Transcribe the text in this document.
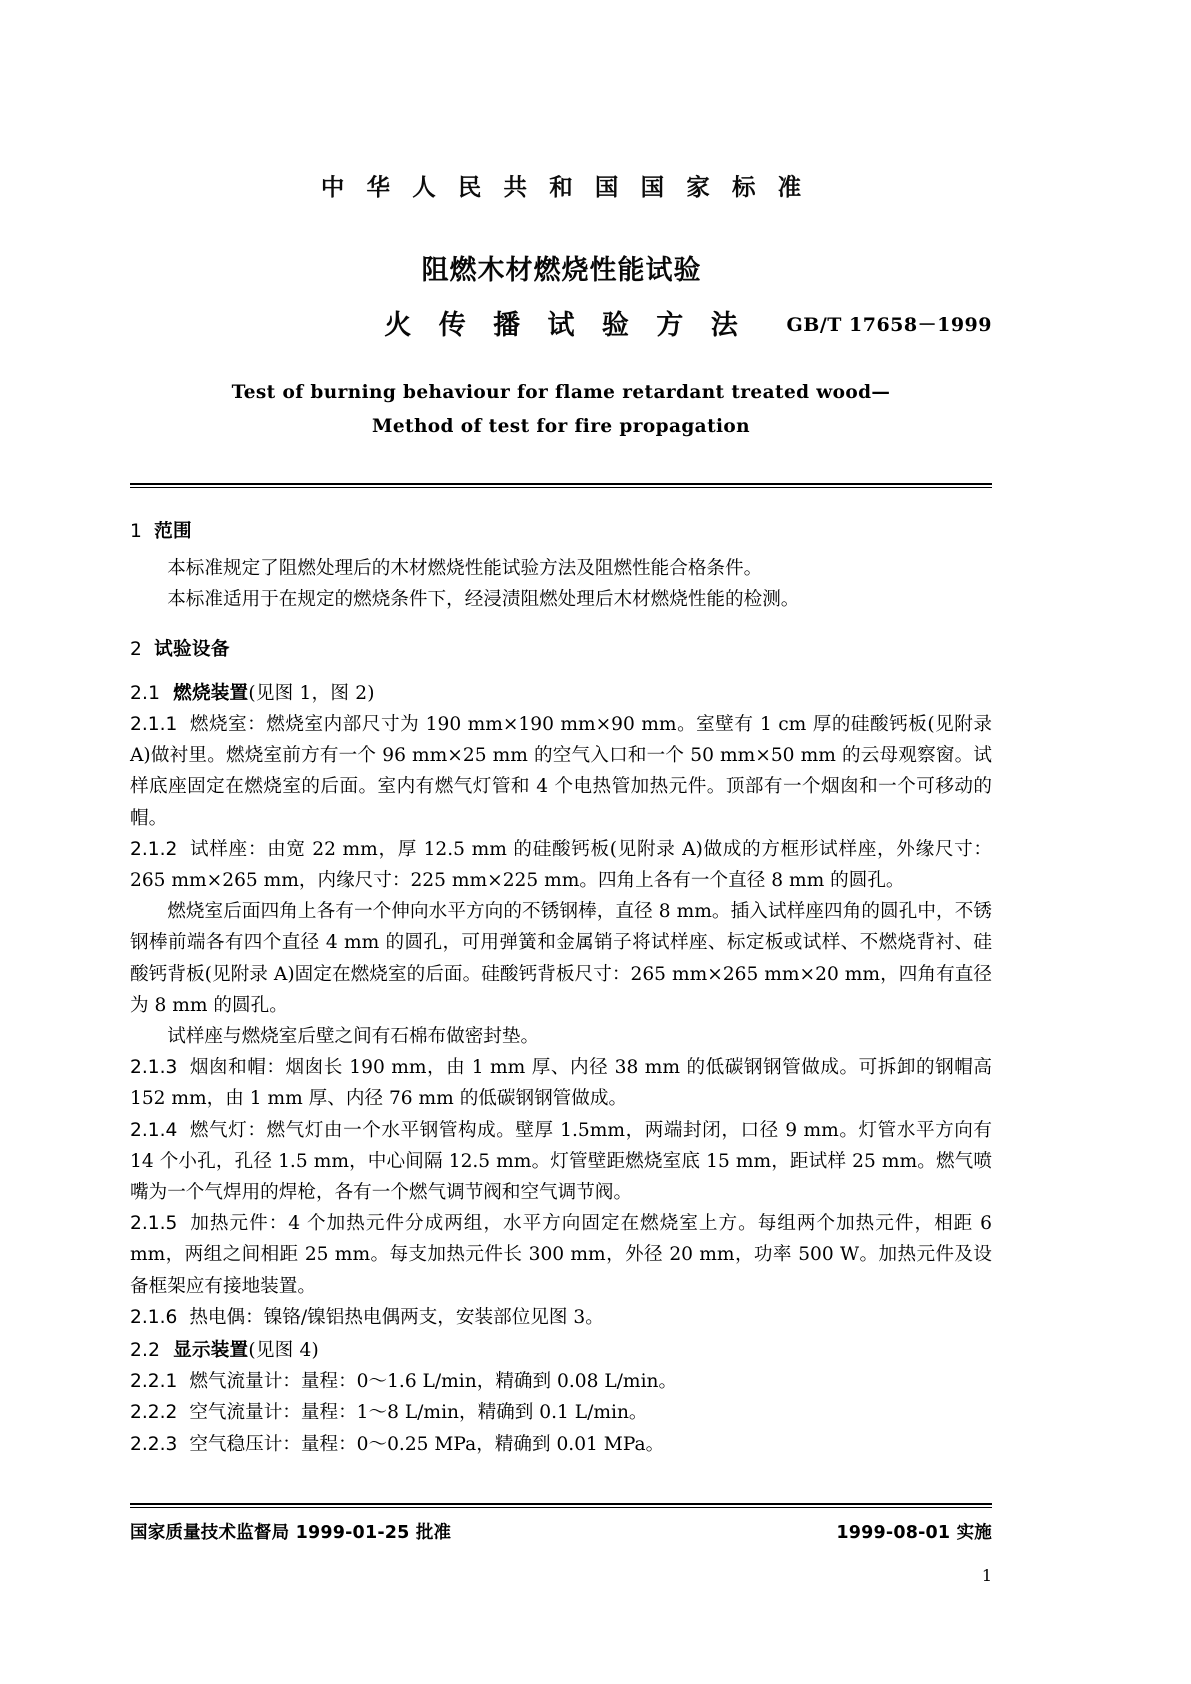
中 华 人 民 共 和 国 国 家 标 准
阻燃木材燃烧性能试验
火 传 播 试 验 方 法	GB/T 17658－1999
Test of burning behaviour for flame retardant treated wood—
Method of test for fire propagation
1 范围

本标准规定了阻燃处理后的木材燃烧性能试验方法及阻燃性能合格条件。

本标准适用于在规定的燃烧条件下，经浸渍阻燃处理后木材燃烧性能的检测。

2 试验设备
2.1 燃烧装置(见图 1，图 2)
2.1.1 燃烧室：燃烧室内部尺寸为 190 mm×190 mm×90 mm。室壁有 1 cm 厚的硅酸钙板(见附录 A)做衬里。燃烧室前方有一个 96 mm×25 mm 的空气入口和一个 50 mm×50 mm 的云母观察窗。试样底座固定在燃烧室的后面。室内有燃气灯管和 4 个电热管加热元件。顶部有一个烟囱和一个可移动的帽。
2.1.2 试样座：由宽 22 mm，厚 12.5 mm 的硅酸钙板(见附录 A)做成的方框形试样座，外缘尺寸：265 mm×265 mm，内缘尺寸：225 mm×225 mm。四角上各有一个直径 8 mm 的圆孔。

燃烧室后面四角上各有一个伸向水平方向的不锈钢棒，直径 8 mm。插入试样座四角的圆孔中，不锈钢棒前端各有四个直径 4 mm 的圆孔，可用弹簧和金属销子将试样座、标定板或试样、不燃烧背衬、硅酸钙背板(见附录 A)固定在燃烧室的后面。硅酸钙背板尺寸：265 mm×265 mm×20 mm，四角有直径为 8 mm 的圆孔。

试样座与燃烧室后壁之间有石棉布做密封垫。

2.1.3 烟囱和帽：烟囱长 190 mm，由 1 mm 厚、内径 38 mm 的低碳钢钢管做成。可拆卸的钢帽高 152 mm，由 1 mm 厚、内径 76 mm 的低碳钢钢管做成。
2.1.4 燃气灯：燃气灯由一个水平钢管构成。壁厚 1.5mm，两端封闭，口径 9 mm。灯管水平方向有 14 个小孔，孔径 1.5 mm，中心间隔 12.5 mm。灯管壁距燃烧室底 15 mm，距试样 25 mm。燃气喷嘴为一个气焊用的焊枪，各有一个燃气调节阀和空气调节阀。
2.1.5 加热元件：4 个加热元件分成两组，水平方向固定在燃烧室上方。每组两个加热元件，相距 6 mm，两组之间相距 25 mm。每支加热元件长 300 mm，外径 20 mm，功率 500 W。加热元件及设备框架应有接地装置。
2.1.6 热电偶：镍铬/镍铝热电偶两支，安装部位见图 3。
2.2 显示装置(见图 4)
2.2.1 燃气流量计：量程：0～1.6 L/min，精确到 0.08 L/min。
2.2.2 空气流量计：量程：1～8 L/min，精确到 0.1 L/min。
2.2.3 空气稳压计：量程：0～0.25 MPa，精确到 0.01 MPa。
国家质量技术监督局 1999-01-25 批准	1999-08-01 实施
1
